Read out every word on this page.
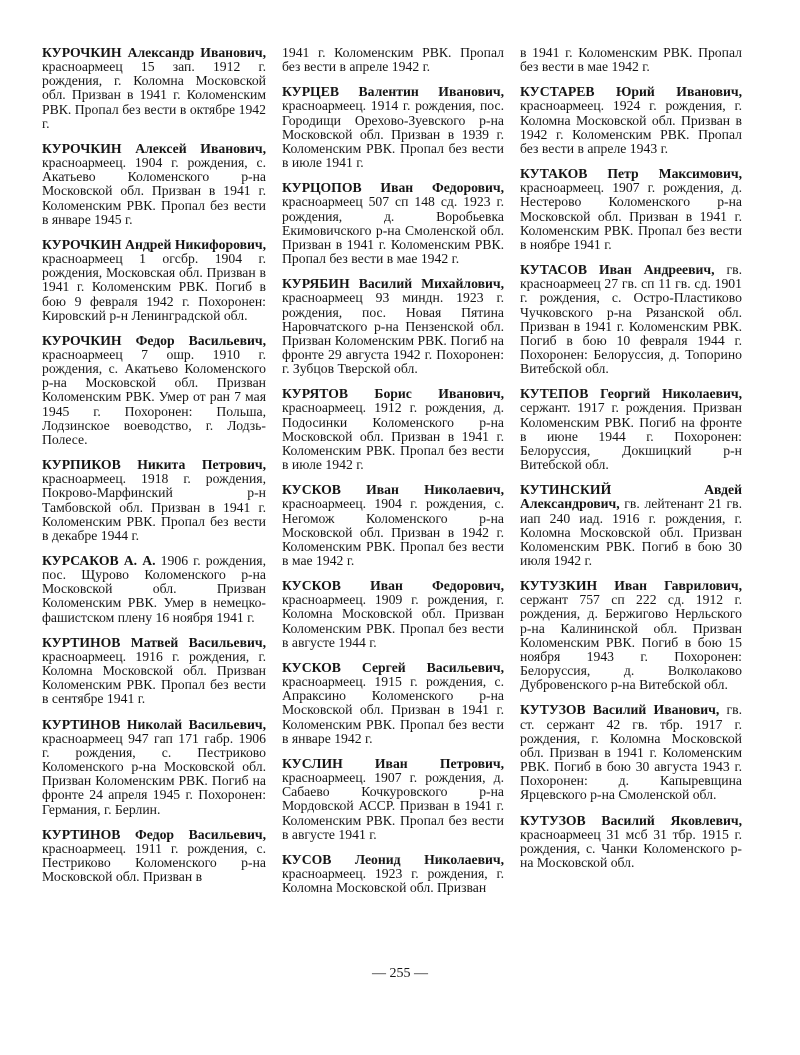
КУРОЧКИН Александр Иванович, красноармеец 15 зап. 1912 г. рождения, г. Коломна Московской обл. Призван в 1941 г. Коломенским РВК. Пропал без вести в октябре 1942 г.

КУРОЧКИН Алексей Иванович, красноармеец. 1904 г. рождения, с. Акатьево Коломенского р-на Московской обл. Призван в 1941 г. Коломенским РВК. Пропал без вести в январе 1945 г.

КУРОЧКИН Андрей Никифорович, красноармеец 1 огсбр. 1904 г. рождения, Московская обл. Призван в 1941 г. Коломенским РВК. Погиб в бою 9 февраля 1942 г. Похоронен: Кировский р-н Ленинградской обл.

КУРОЧКИН Федор Васильевич, красноармеец 7 ошр. 1910 г. рождения, с. Акатьево Коломенского р-на Московской обл. Призван Коломенским РВК. Умер от ран 7 мая 1945 г. Похоронен: Польша, Лодзинское воеводство, г. Лодзь-Полесе.

КУРПИКОВ Никита Петрович, красноармеец. 1918 г. рождения, Покрово-Марфинский р-н Тамбовской обл. Призван в 1941 г. Коломенским РВК. Пропал без вести в декабре 1944 г.

КУРСАКОВ А. А. 1906 г. рождения, пос. Щурово Коломенского р-на Московской обл. Призван Коломенским РВК. Умер в немецко-фашистском плену 16 ноября 1941 г.

КУРТИНОВ Матвей Васильевич, красноармеец. 1916 г. рождения, г. Коломна Московской обл. Призван Коломенским РВК. Пропал без вести в сентябре 1941 г.

КУРТИНОВ Николай Васильевич, красноармеец 947 гап 171 габр. 1906 г. рождения, с. Пестриково Коломенского р-на Московской обл. Призван Коломенским РВК. Погиб на фронте 24 апреля 1945 г. Похоронен: Германия, г. Берлин.

КУРТИНОВ Федор Васильевич, красноармеец. 1911 г. рождения, с. Пестриково Коломенского р-на Московской обл. Призван в

1941 г. Коломенским РВК. Пропал без вести в апреле 1942 г.

КУРЦЕВ Валентин Иванович, красноармеец. 1914 г. рождения, пос. Городищи Орехово-Зуевского р-на Московской обл. Призван в 1939 г. Коломенским РВК. Пропал без вести в июле 1941 г.

КУРЦОПОВ Иван Федорович, красноармеец 507 сп 148 сд. 1923 г. рождения, д. Воробьевка Екимовичского р-на Смоленской обл. Призван в 1941 г. Коломенским РВК. Пропал без вести в мае 1942 г.

КУРЯБИН Василий Михайлович, красноармеец 93 миндн. 1923 г. рождения, пос. Новая Пятина Наровчатского р-на Пензенской обл. Призван Коломенским РВК. Погиб на фронте 29 августа 1942 г. Похоронен: г. Зубцов Тверской обл.

КУРЯТОВ Борис Иванович, красноармеец. 1912 г. рождения, д. Подосинки Коломенского р-на Московской обл. Призван в 1941 г. Коломенским РВК. Пропал без вести в июле 1942 г.

КУСКОВ Иван Николаевич, красноармеец. 1904 г. рождения, с. Негомож Коломенского р-на Московской обл. Призван в 1942 г. Коломенским РВК. Пропал без вести в мае 1942 г.

КУСКОВ Иван Федорович, красноармеец. 1909 г. рождения, г. Коломна Московской обл. Призван Коломенским РВК. Пропал без вести в августе 1944 г.

КУСКОВ Сергей Васильевич, красноармеец. 1915 г. рождения, с. Апраксино Коломенского р-на Московской обл. Призван в 1941 г. Коломенским РВК. Пропал без вести в январе 1942 г.

КУСЛИН Иван Петрович, красноармеец. 1907 г. рождения, д. Сабаево Кочкуровского р-на Мордовской АССР. Призван в 1941 г. Коломенским РВК. Пропал без вести в августе 1941 г.

КУСОВ Леонид Николаевич, красноармеец. 1923 г. рождения, г. Коломна Московской обл. Призван

в 1941 г. Коломенским РВК. Пропал без вести в мае 1942 г.

КУСТАРЕВ Юрий Иванович, красноармеец. 1924 г. рождения, г. Коломна Московской обл. Призван в 1942 г. Коломенским РВК. Пропал без вести в апреле 1943 г.

КУТАКОВ Петр Максимович, красноармеец. 1907 г. рождения, д. Нестерово Коломенского р-на Московской обл. Призван в 1941 г. Коломенским РВК. Пропал без вести в ноябре 1941 г.

КУТАСОВ Иван Андреевич, гв. красноармеец 27 гв. сп 11 гв. сд. 1901 г. рождения, с. Остро-Пластиково Чучковского р-на Рязанской обл. Призван в 1941 г. Коломенским РВК. Погиб в бою 10 февраля 1944 г. Похоронен: Белоруссия, д. Топорино Витебской обл.

КУТЕПОВ Георгий Николаевич, сержант. 1917 г. рождения. Призван Коломенским РВК. Погиб на фронте в июне 1944 г. Похоронен: Белоруссия, Докшицкий р-н Витебской обл.

КУТИНСКИЙ Авдей Александрович, гв. лейтенант 21 гв. иап 240 иад. 1916 г. рождения, г. Коломна Московской обл. Призван Коломенским РВК. Погиб в бою 30 июля 1942 г.

КУТУЗКИН Иван Гаврилович, сержант 757 сп 222 сд. 1912 г. рождения, д. Бержигово Нерльского р-на Калининской обл. Призван Коломенским РВК. Погиб в бою 15 ноября 1943 г. Похоронен: Белоруссия, д. Волколаково Дубровенского р-на Витебской обл.

КУТУЗОВ Василий Иванович, гв. ст. сержант 42 гв. тбр. 1917 г. рождения, г. Коломна Московской обл. Призван в 1941 г. Коломенским РВК. Погиб в бою 30 августа 1943 г. Похоронен: д. Капыревщина Ярцевского р-на Смоленской обл.

КУТУЗОВ Василий Яковлевич, красноармеец 31 мсб 31 тбр. 1915 г. рождения, с. Чанки Коломенского р-на Московской обл.

— 255 —
